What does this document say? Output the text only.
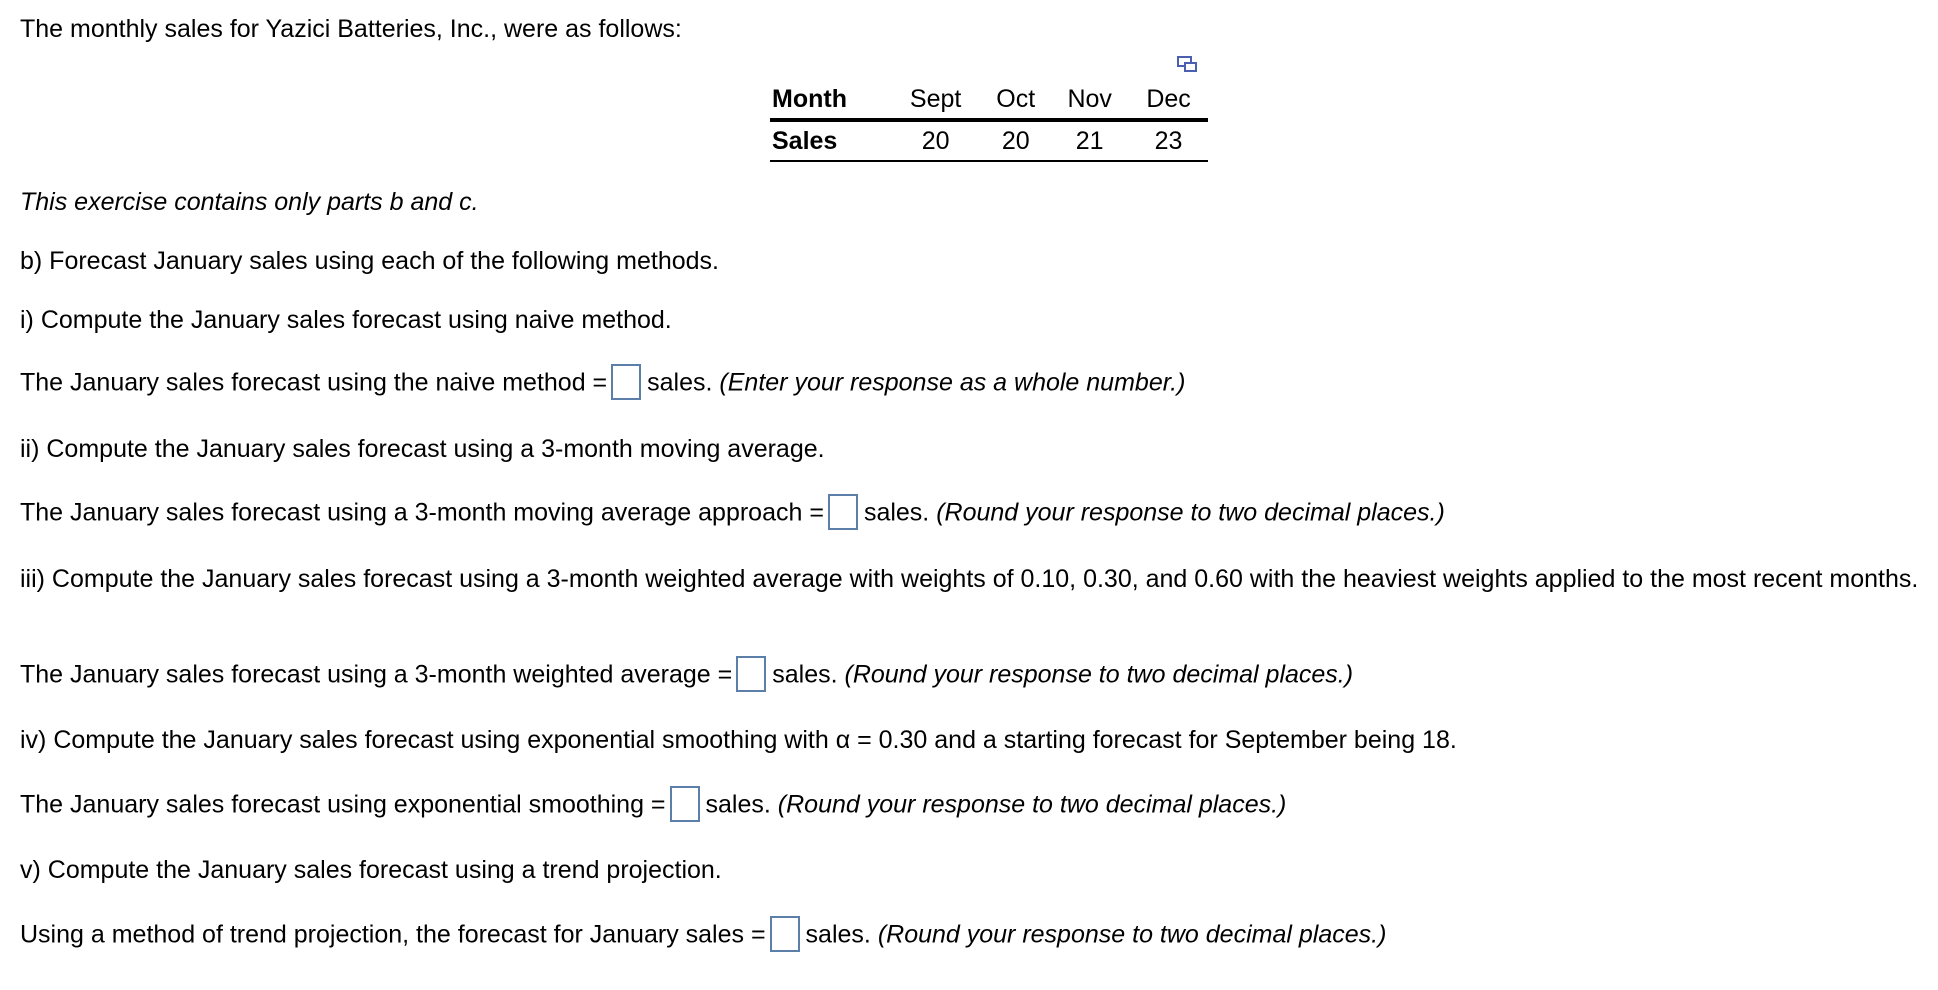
The monthly sales for Yazici Batteries, Inc., were as follows:
Month	Sept	Oct	Nov	Dec
Sales	20	20	21	23
This exercise contains only parts b and c.
b) Forecast January sales using each of the following methods.
i) Compute the January sales forecast using naive method.
The January sales forecast using the naive method = sales. (Enter your response as a whole number.)
ii) Compute the January sales forecast using a 3-month moving average.
The January sales forecast using a 3-month moving average approach = sales. (Round your response to two decimal places.)
iii) Compute the January sales forecast using a 3-month weighted average with weights of 0.10, 0.30, and 0.60 with the heaviest weights applied to the most recent months.
The January sales forecast using a 3-month weighted average = sales. (Round your response to two decimal places.)
iv) Compute the January sales forecast using exponential smoothing with α = 0.30 and a starting forecast for September being 18.
The January sales forecast using exponential smoothing = sales. (Round your response to two decimal places.)
v) Compute the January sales forecast using a trend projection.
Using a method of trend projection, the forecast for January sales = sales. (Round your response to two decimal places.)
